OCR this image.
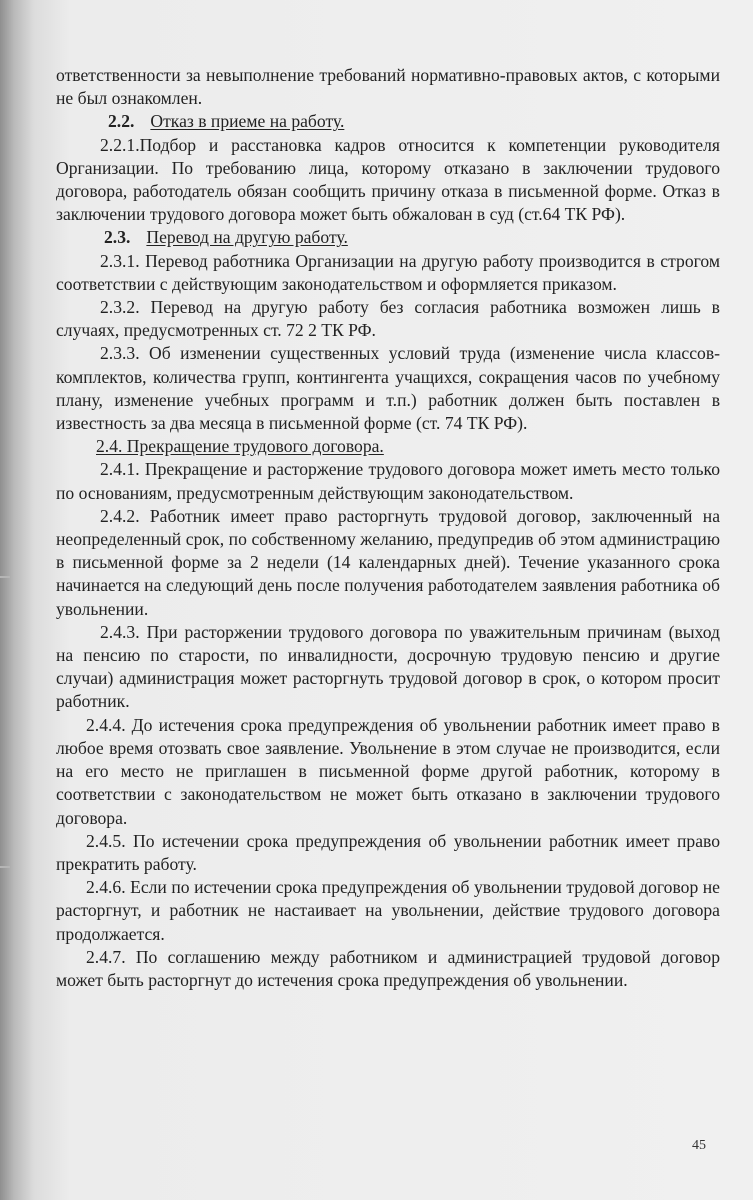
ответственности за невыполнение требований нормативно-правовых актов, с которыми не был ознакомлен.

2.2. Отказ в приеме на работу.

2.2.1.Подбор и расстановка кадров относится к компетенции руководителя Организации. По требованию лица, которому отказано в заключении трудового договора, работодатель обязан сообщить причину отказа в письменной форме. Отказ в заключении трудового договора может быть обжалован в суд (ст.64 ТК РФ).

2.3. Перевод на другую работу.

2.3.1. Перевод работника Организации на другую работу производится в строгом соответствии с действующим законодательством и оформляется приказом.

2.3.2. Перевод на другую работу без согласия работника возможен лишь в случаях, предусмотренных ст. 72 2 ТК РФ.

2.3.3. Об изменении существенных условий труда (изменение числа классов-комплектов, количества групп, контингента учащихся, сокращения часов по учебному плану, изменение учебных программ и т.п.) работник должен быть поставлен в известность за два месяца в письменной форме (ст. 74 ТК РФ).

2.4. Прекращение трудового договора.

2.4.1. Прекращение и расторжение трудового договора может иметь место только по основаниям, предусмотренным действующим законодательством.

2.4.2. Работник имеет право расторгнуть трудовой договор, заключенный на неопределенный срок, по собственному желанию, предупредив об этом администрацию в письменной форме за 2 недели (14 календарных дней). Течение указанного срока начинается на следующий день после получения работодателем заявления работника об увольнении.

2.4.3. При расторжении трудового договора по уважительным причинам (выход на пенсию по старости, по инвалидности, досрочную трудовую пенсию и другие случаи) администрация может расторгнуть трудовой договор в срок, о котором просит работник.

2.4.4. До истечения срока предупреждения об увольнении работник имеет право в любое время отозвать свое заявление. Увольнение в этом случае не производится, если на его место не приглашен в письменной форме другой работник, которому в соответствии с законодательством не может быть отказано в заключении трудового договора.

2.4.5. По истечении срока предупреждения об увольнении работник имеет право прекратить работу.

2.4.6. Если по истечении срока предупреждения об увольнении трудовой договор не расторгнут, и работник не настаивает на увольнении, действие трудового договора продолжается.

2.4.7. По соглашению между работником и администрацией трудовой договор может быть расторгнут до истечения срока предупреждения об увольнении.

45
